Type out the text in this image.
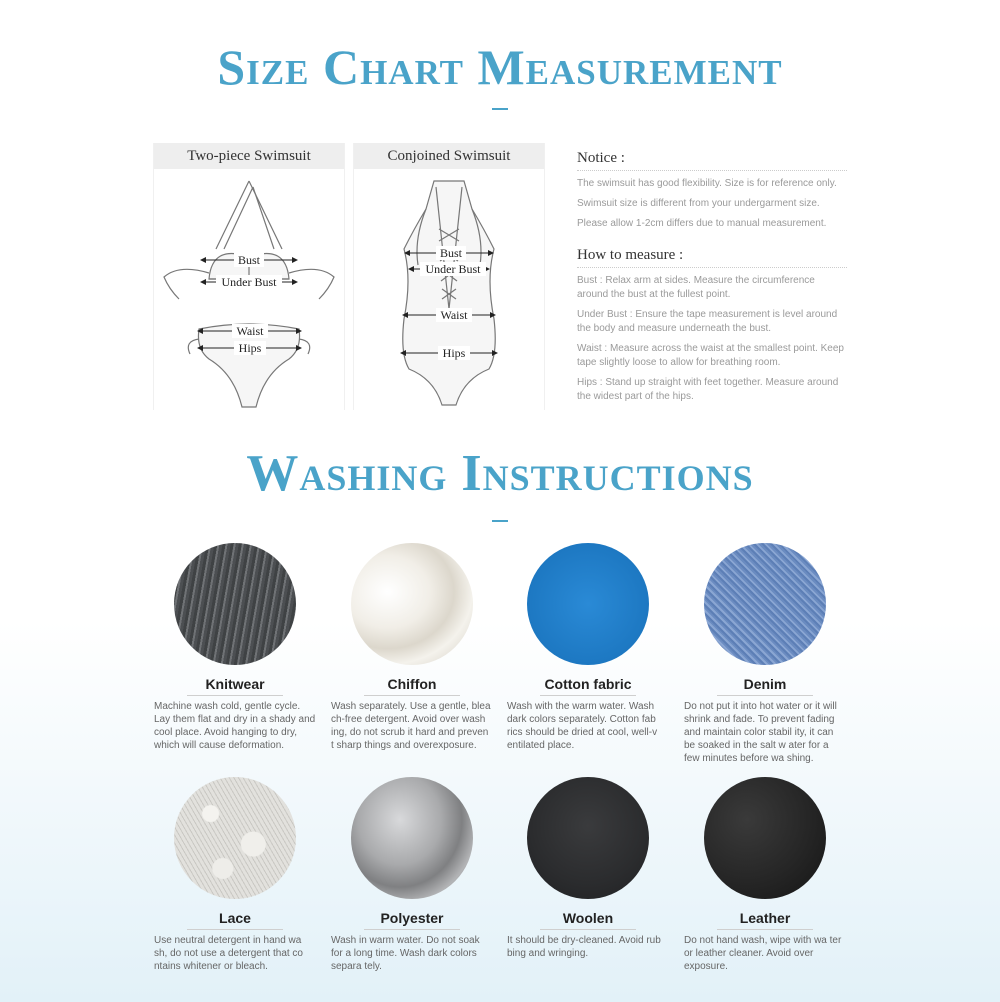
Size Chart Measurement
Two-piece Swimsuit
Bust
Under Bust
Waist
Hips
Conjoined Swimsuit
Bust
Under Bust
Waist
Hips
Notice :

The swimsuit has good flexibility. Size is for reference only.

Swimsuit size is different from your undergarment size.

Please allow 1-2cm differs due to manual measurement.

How to measure :

Bust : Relax arm at sides. Measure the circumference around the bust at the fullest point.

Under Bust : Ensure the tape measurement is level around the body and measure underneath the bust.

Waist : Measure across the waist at the smallest point. Keep tape slightly loose to allow for breathing room.

Hips : Stand up straight with feet together. Measure around the widest part of the hips.

Washing Instructions
Knitwear
Machine wash cold, gentle cycle. Lay them flat and dry in a shady and cool place. Avoid hanging to dry, which will cause deformation.
Chiffon
Wash separately. Use a gentle, blea ch-free detergent. Avoid over wash ing, do not scrub it hard and preven t sharp things and overexposure.
Cotton fabric
Wash with the warm water. Wash dark colors separately. Cotton fab rics should be dried at cool, well-v entilated place.
Denim
Do not put it into hot water or it will shrink and fade. To prevent fading and maintain color stabil ity, it can be soaked in the salt w ater for a few minutes before wa shing.
Lace
Use neutral detergent in hand wa sh, do not use a detergent that co ntains whitener or bleach.
Polyester
Wash in warm water. Do not soak for a long time. Wash dark colors separa tely.
Woolen
It should be dry-cleaned. Avoid rub bing and wringing.
Leather
Do not hand wash, wipe with wa ter or leather cleaner. Avoid over exposure.
